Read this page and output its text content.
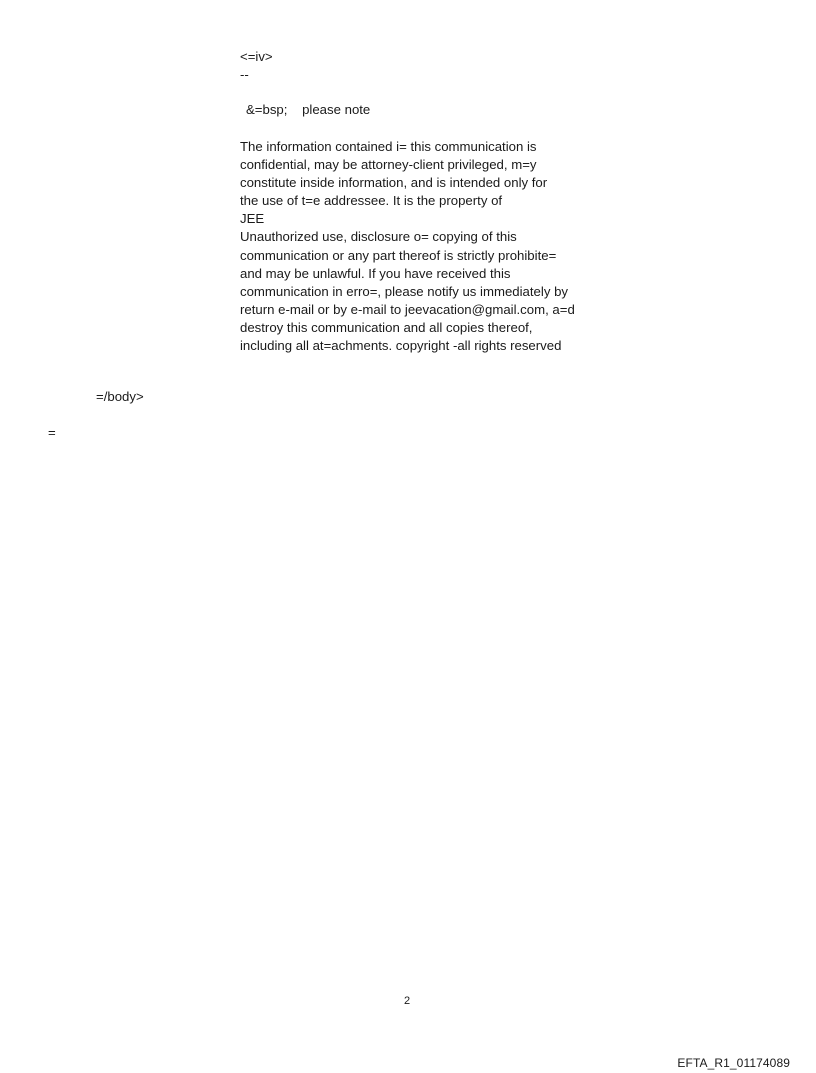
<=iv>
--
&=bsp;    please note
The information contained i= this communication is
confidential, may be attorney-client privileged, m=y
constitute inside information, and is intended only for
the use of t=e addressee. It is the property of
JEE
Unauthorized use, disclosure o= copying of this
communication or any part thereof is strictly prohibite=
and may be unlawful. If you have received this
communication in erro=, please notify us immediately by
return e-mail or by e-mail to jeevacation@gmail.com, a=d
destroy this communication and all copies thereof,
including all at=achments. copyright -all rights reserved
=/body>
=
2
EFTA_R1_01174089
